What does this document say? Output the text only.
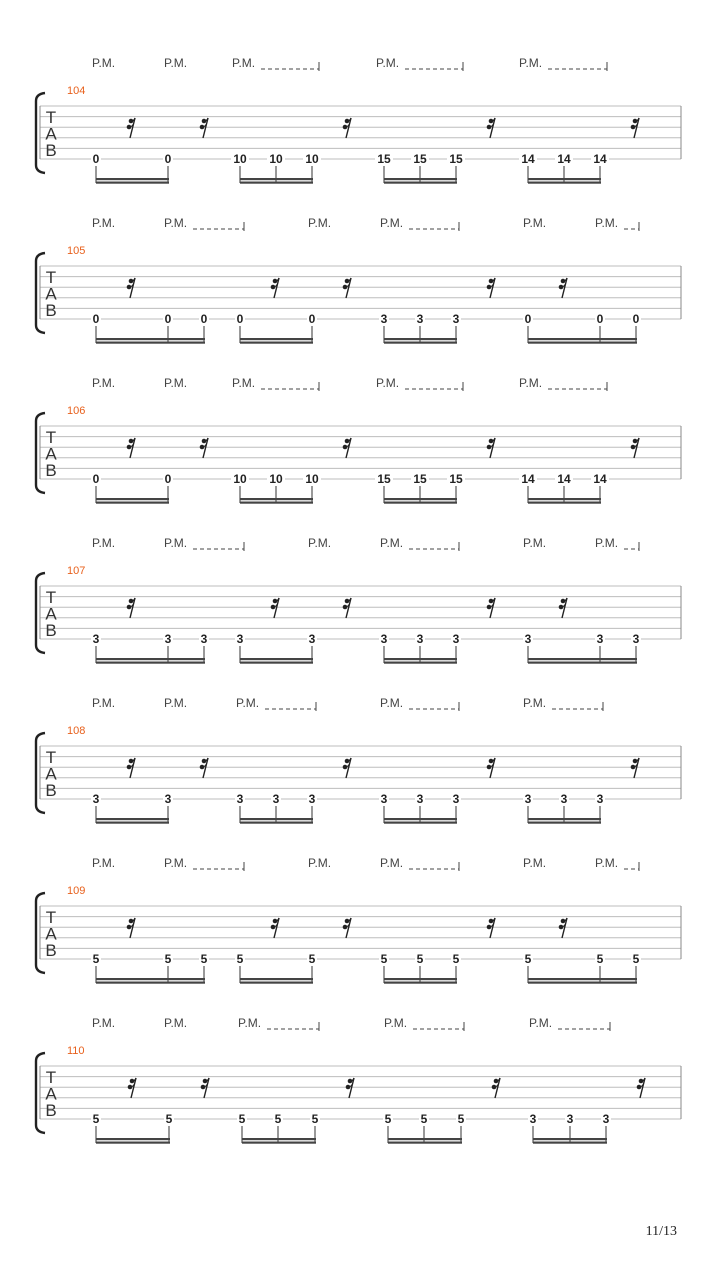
T
A
B
104
P.M.	P.M.	P.M.	P.M.	P.M.
0	0	10 10 10	15 15 15	14 14 14
T
A
B
105
P.M.	P.M.	P.M.	P.M.	P.M.	P.M.
0	0 0 0	0	3 3 3	0	0 0
T
A
B
106
P.M.	P.M.	P.M.	P.M.	P.M.
0	0	10 10 10	15 15 15	14 14 14
T
A
B
107
P.M.	P.M.	P.M.	P.M.	P.M.	P.M.
3	3 3 3	3	3 3 3	3	3 3
T
A
B
108
P.M.	P.M.	P.M.	P.M.	P.M.
3	3	3 3 3	3 3 3	3 3 3
T
A
B
109
P.M.	P.M.	P.M.	P.M.	P.M.	P.M.
5	5 5 5	5	5 5 5	5	5 5
T
A
B
110
P.M.	P.M.	P.M.	P.M.	P.M.
5	5	5 5	5	5 5	5	3	3 3
11/13
